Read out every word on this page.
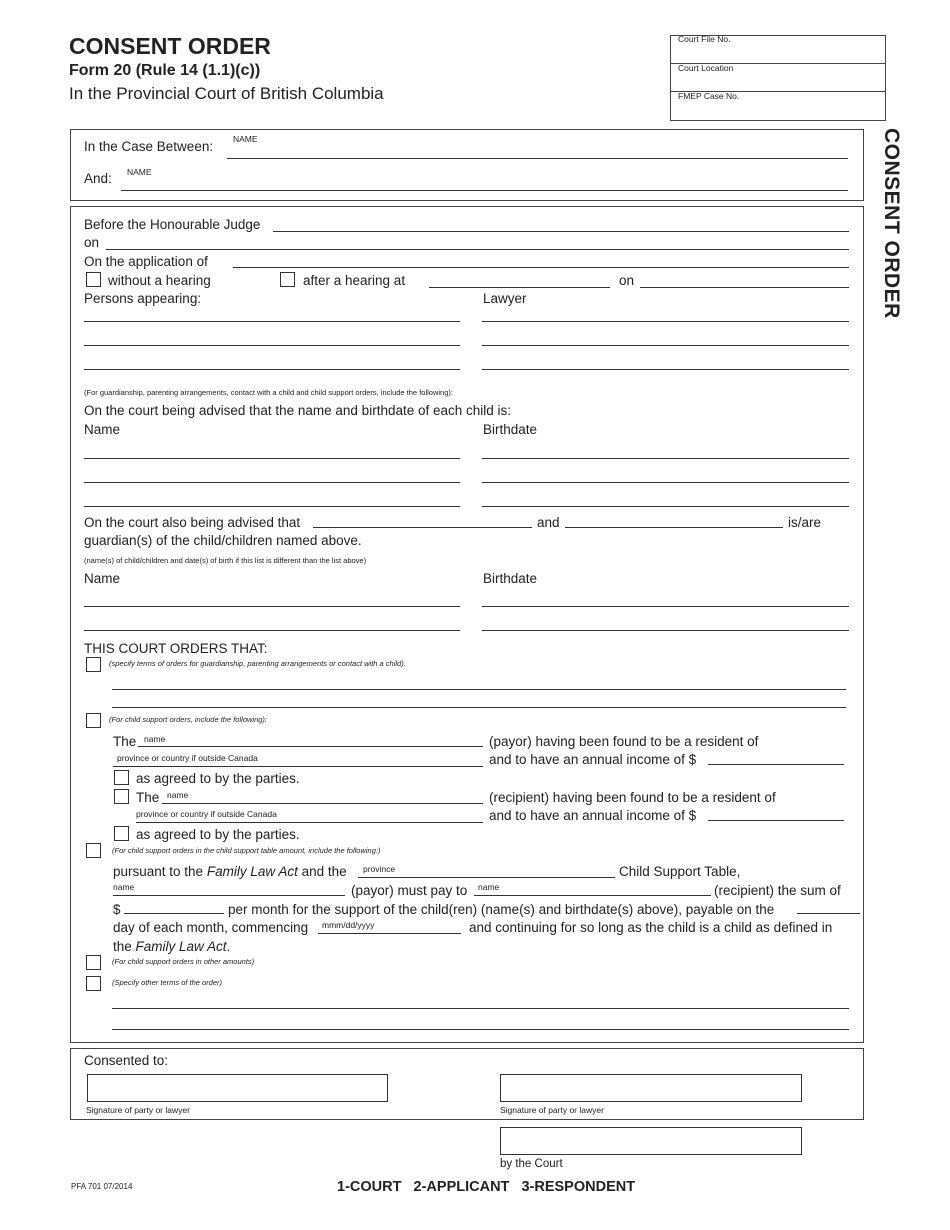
CONSENT ORDER
Form 20 (Rule 14 (1.1)(c))
In the Provincial Court of British Columbia
Court File No.
Court Location
FMEP Case No.
CONSENT ORDER
In the Case Between: NAME
And: NAME
Before the Honourable Judge
on
On the application of
without a hearing	after a hearing at	on
Persons appearing:	Lawyer
(For guardianship, parenting arrangements, contact with a child and child support orders, include the following):
On the court being advised that the name and birthdate of each child is:
Name	Birthdate
On the court also being advised that	and	is/are
guardian(s) of the child/children named above.
(name(s) of child/children and date(s) of birth if this list is different than the list above)
Name	Birthdate
THIS COURT ORDERS THAT:
(specify terms of orders for guardianship, parenting arrangements or contact with a child).
(For child support orders, include the following):
The name	(payor) having been found to be a resident of
province or country if outside Canada	and to have an annual income of $
as agreed to by the parties.
The name	(recipient) having been found to be a resident of
province or country if outside Canada	and to have an annual income of $
as agreed to by the parties.
(For child support orders in the child support table amount, include the following:)
pursuant to the Family Law Act and the province	Child Support Table,
name	(payor) must pay to name	(recipient) the sum of
$	per month for the support of the child(ren) (name(s) and birthdate(s) above), payable on the
day of each month, commencing mmm/dd/yyyy	and continuing for so long as the child is a child as defined in
the Family Law Act.
(For child support orders in other amounts)
(Specify other terms of the order)
Consented to:
Signature of party or lawyer	Signature of party or lawyer
by the Court
PFA 701 07/2014	1-COURT   2-APPLICANT   3-RESPONDENT
